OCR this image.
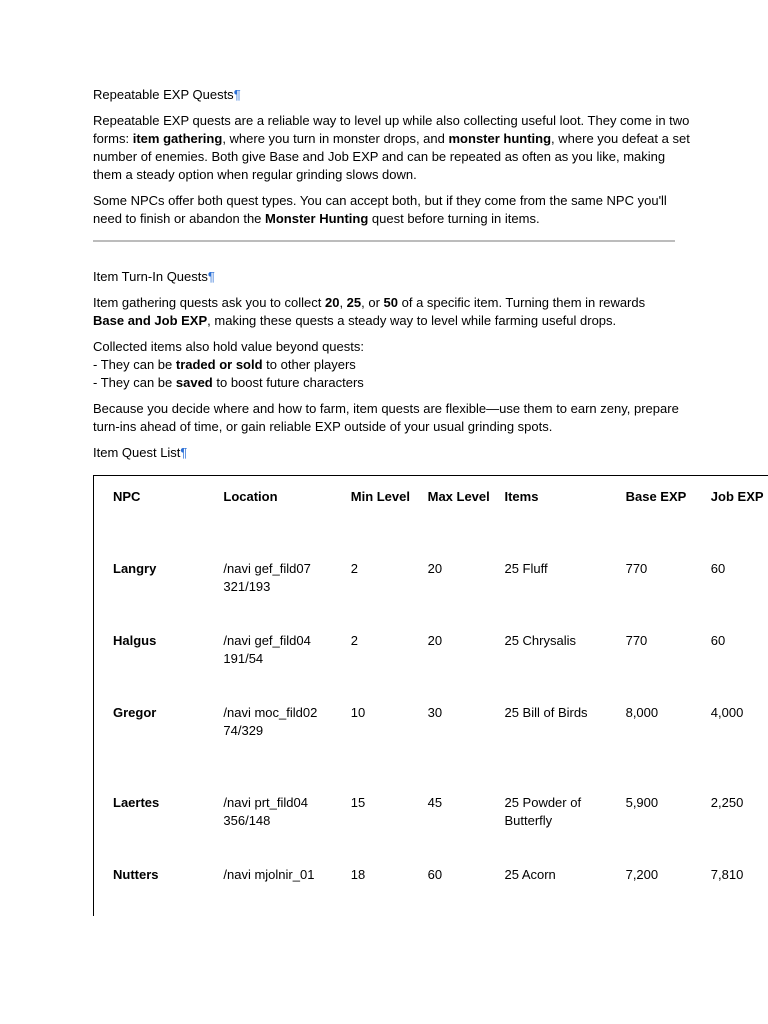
Repeatable EXP Quests¶

Repeatable EXP quests are a reliable way to level up while also collecting useful loot. They come in two forms: item gathering, where you turn in monster drops, and monster hunting, where you defeat a set number of enemies. Both give Base and Job EXP and can be repeated as often as you like, making them a steady option when regular grinding slows down.

Some NPCs offer both quest types. You can accept both, but if they come from the same NPC you'll need to finish or abandon the Monster Hunting quest before turning in items.

Item Turn-In Quests¶

Item gathering quests ask you to collect 20, 25, or 50 of a specific item. Turning them in rewards
Base and Job EXP, making these quests a steady way to level while farming useful drops.

Collected items also hold value beyond quests:
- They can be traded or sold to other players
- They can be saved to boost future characters

Because you decide where and how to farm, item quests are flexible—use them to earn zeny, prepare turn-ins ahead of time, or gain reliable EXP outside of your usual grinding spots.

Item Quest List¶
NPC	Location	Min Level	Max Level	Items	Base EXP	Job EXP
Langry	/navi gef_fild07 321/193	2	20	25 Fluff	770	60
Halgus	/navi gef_fild04 191/54	2	20	25 Chrysalis	770	60
Gregor	/navi moc_fild02 74/329	10	30	25 Bill of Birds	8,000	4,000
Laertes	/navi prt_fild04 356/148	15	45	25 Powder of Butterfly	5,900	2,250
Nutters	/navi mjolnir_01	18	60	25 Acorn	7,200	7,810
